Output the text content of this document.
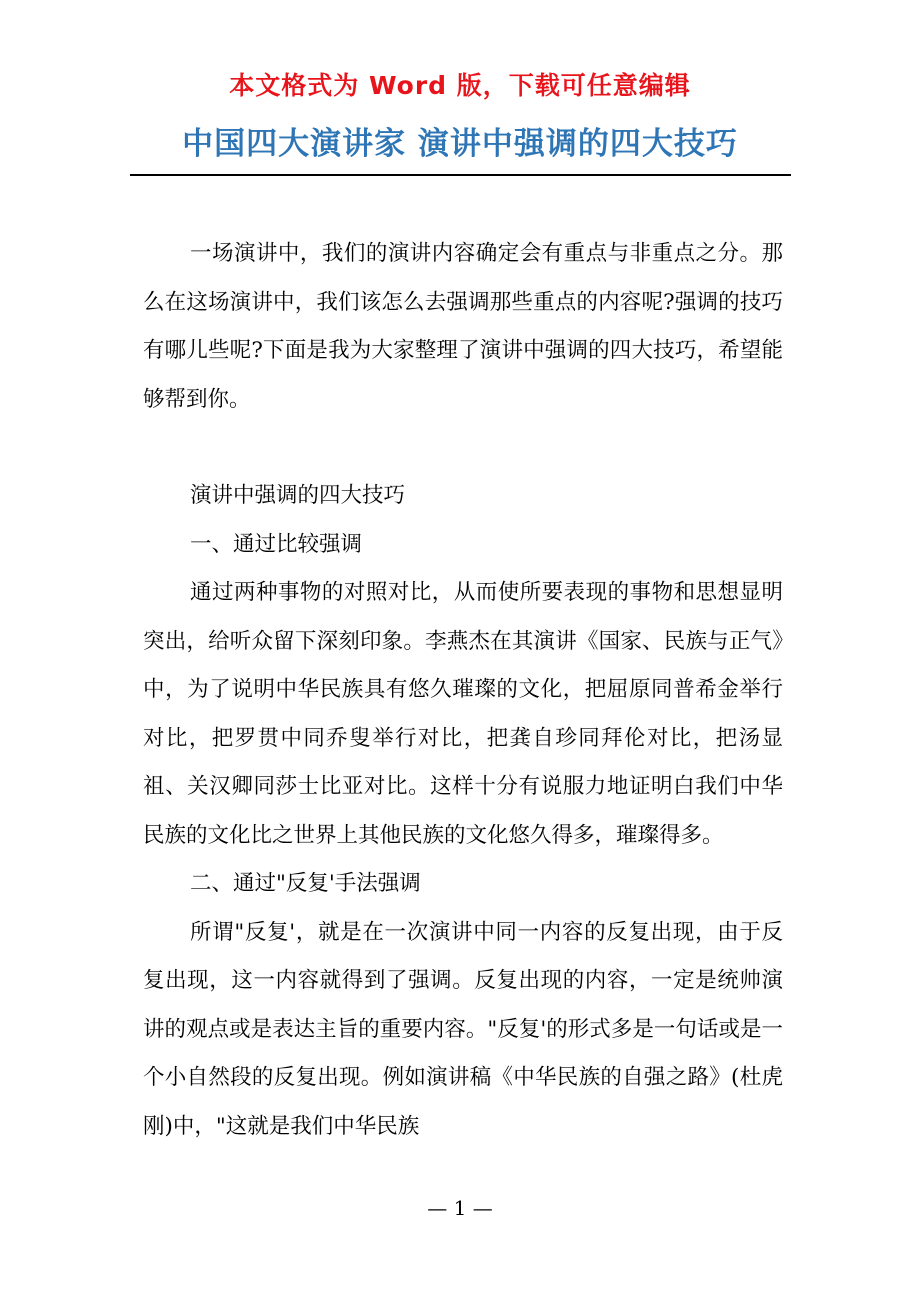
本文格式为 Word 版，下载可任意编辑
中国四大演讲家 演讲中强调的四大技巧

一场演讲中，我们的演讲内容确定会有重点与非重点之分。那么在这场演讲中，我们该怎么去强调那些重点的内容呢?强调的技巧有哪儿些呢?下面是我为大家整理了演讲中强调的四大技巧，希望能够帮到你。

演讲中强调的四大技巧

一、通过比较强调

通过两种事物的对照对比，从而使所要表现的事物和思想显明突出，给听众留下深刻印象。李燕杰在其演讲《国家、民族与正气》中，为了说明中华民族具有悠久璀璨的文化，把屈原同普希金举行对比，把罗贯中同乔叟举行对比，把龚自珍同拜伦对比，把汤显祖、关汉卿同莎士比亚对比。这样十分有说服力地证明白我们中华民族的文化比之世界上其他民族的文化悠久得多，璀璨得多。

二、通过"反复'手法强调

所谓"反复'，就是在一次演讲中同一内容的反复出现，由于反复出现，这一内容就得到了强调。反复出现的内容，一定是统帅演讲的观点或是表达主旨的重要内容。"反复'的形式多是一句话或是一个小自然段的反复出现。例如演讲稿《中华民族的自强之路》(杜虎刚)中，"这就是我们中华民族

— 1 —
